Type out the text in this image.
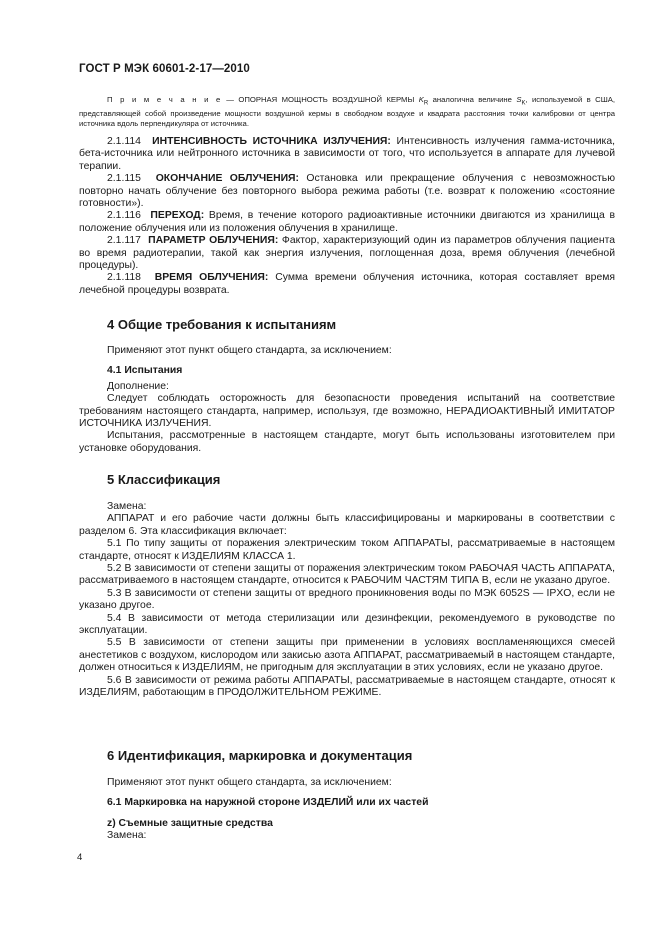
ГОСТ Р МЭК 60601-2-17—2010
П р и м е ч а н и е — ОПОРНАЯ МОЩНОСТЬ ВОЗДУШНОЙ КЕРМЫ $K_R$ аналогична величине $S_K$, используемой в США, представляющей собой произведение мощности воздушной кермы в свободном воздухе и квадрата расстояния точки калибровки от центра источника вдоль перпендикуляра от источника.

2.1.114 ИНТЕНСИВНОСТЬ ИСТОЧНИКА ИЗЛУЧЕНИЯ: Интенсивность излучения гамма-источника, бета-источника или нейтронного источника в зависимости от того, что используется в аппарате для лучевой терапии.

2.1.115 ОКОНЧАНИЕ ОБЛУЧЕНИЯ: Остановка или прекращение облучения с невозможностью повторно начать облучение без повторного выбора режима работы (т.е. возврат к положению «состояние готовности»).

2.1.116 ПЕРЕХОД: Время, в течение которого радиоактивные источники двигаются из хранилища в положение облучения или из положения облучения в хранилище.

2.1.117 ПАРАМЕТР ОБЛУЧЕНИЯ: Фактор, характеризующий один из параметров облучения пациента во время радиотерапии, такой как энергия излучения, поглощенная доза, время облучения (лечебной процедуры).

2.1.118 ВРЕМЯ ОБЛУЧЕНИЯ: Сумма времени облучения источника, которая составляет время лечебной процедуры возврата.

4 Общие требования к испытаниям

Применяют этот пункт общего стандарта, за исключением:

4.1 Испытания

Дополнение:

Следует соблюдать осторожность для безопасности проведения испытаний на соответствие требованиям настоящего стандарта, например, используя, где возможно, НЕРАДИОАКТИВНЫЙ ИМИТАТОР ИСТОЧНИКА ИЗЛУЧЕНИЯ.

Испытания, рассмотренные в настоящем стандарте, могут быть использованы изготовителем при установке оборудования.

5 Классификация

Замена:

АППАРАТ и его рабочие части должны быть классифицированы и маркированы в соответствии с разделом 6. Эта классификация включает:

5.1 По типу защиты от поражения электрическим током АППАРАТЫ, рассматриваемые в настоящем стандарте, относят к ИЗДЕЛИЯМ КЛАССА 1.

5.2 В зависимости от степени защиты от поражения электрическим током РАБОЧАЯ ЧАСТЬ АППАРАТА, рассматриваемого в настоящем стандарте, относится к РАБОЧИМ ЧАСТЯМ ТИПА В, если не указано другое.

5.3 В зависимости от степени защиты от вредного проникновения воды по МЭК 6052S — IPXO, если не указано другое.

5.4 В зависимости от метода стерилизации или дезинфекции, рекомендуемого в руководстве по эксплуатации.

5.5 В зависимости от степени защиты при применении в условиях воспламеняющихся смесей анестетиков с воздухом, кислородом или закисью азота АППАРАТ, рассматриваемый в настоящем стандарте, должен относиться к ИЗДЕЛИЯМ, не пригодным для эксплуатации в этих условиях, если не указано другое.

5.6 В зависимости от режима работы АППАРАТЫ, рассматриваемые в настоящем стандарте, относят к ИЗДЕЛИЯМ, работающим в ПРОДОЛЖИТЕЛЬНОМ РЕЖИМЕ.

6 Идентификация, маркировка и документация

Применяют этот пункт общего стандарта, за исключением:

6.1 Маркировка на наружной стороне ИЗДЕЛИЙ или их частей

z) Съемные защитные средства

Замена:

4
